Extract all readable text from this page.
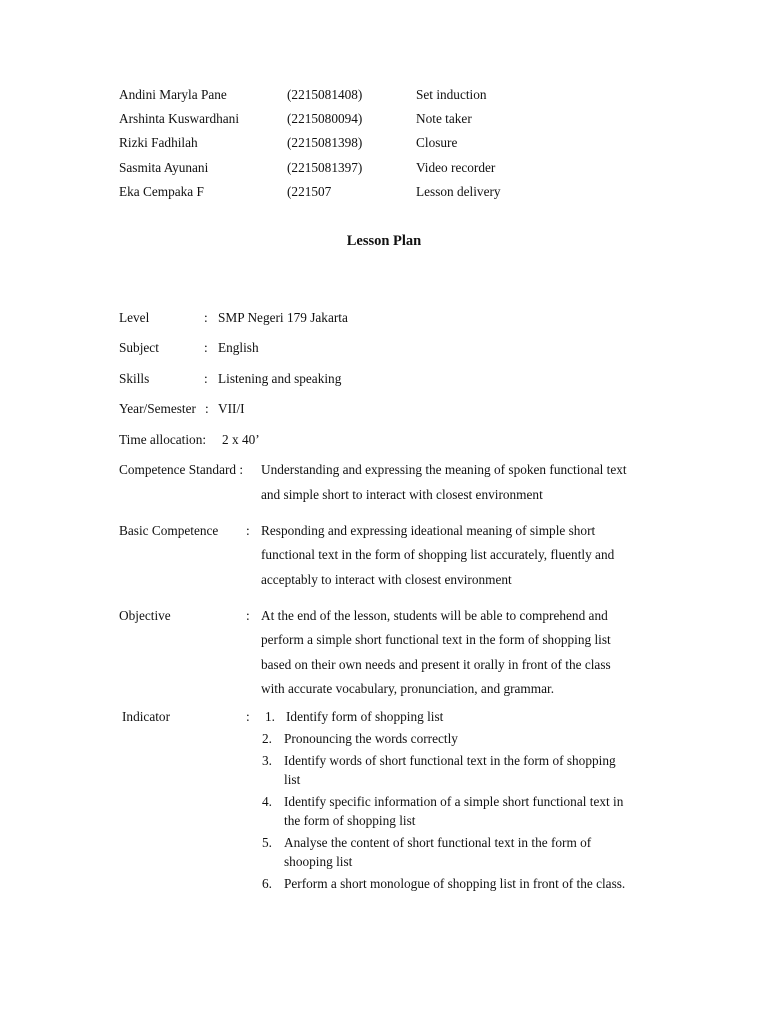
Andini Maryla Pane	(2215081408)	Set induction
Arshinta Kuswardhani	(2215080094)	Note taker
Rizki Fadhilah	(2215081398)	Closure
Sasmita Ayunani	(2215081397)	Video recorder
Eka Cempaka F	(221507	Lesson delivery
Lesson Plan
Level	: SMP Negeri 179 Jakarta
Subject	: English
Skills	: Listening and speaking
Year/Semester : VII/I
Time allocation: 2 x 40’
Competence Standard : Understanding and expressing the meaning of spoken functional text
and simple short to interact with closest environment
Basic Competence : Responding and expressing ideational meaning of simple short
functional text in the form of shopping list accurately, fluently and
acceptably to interact with closest environment
Objective	: At the end of the lesson, students will be able to comprehend and
perform a simple short functional text in the form of shopping list
based on their own needs and present it orally in front of the class
with accurate vocabulary, pronunciation, and grammar.
Indicator	: 1. Identify form of shopping list
2. Pronouncing the words correctly
3. Identify words of short functional text in the form of shopping
list
4. Identify specific information of a simple short functional text in
the form of shopping list
5. Analyse the content of short functional text in the form of
shooping list
6. Perform a short monologue of shopping list in front of the class.
